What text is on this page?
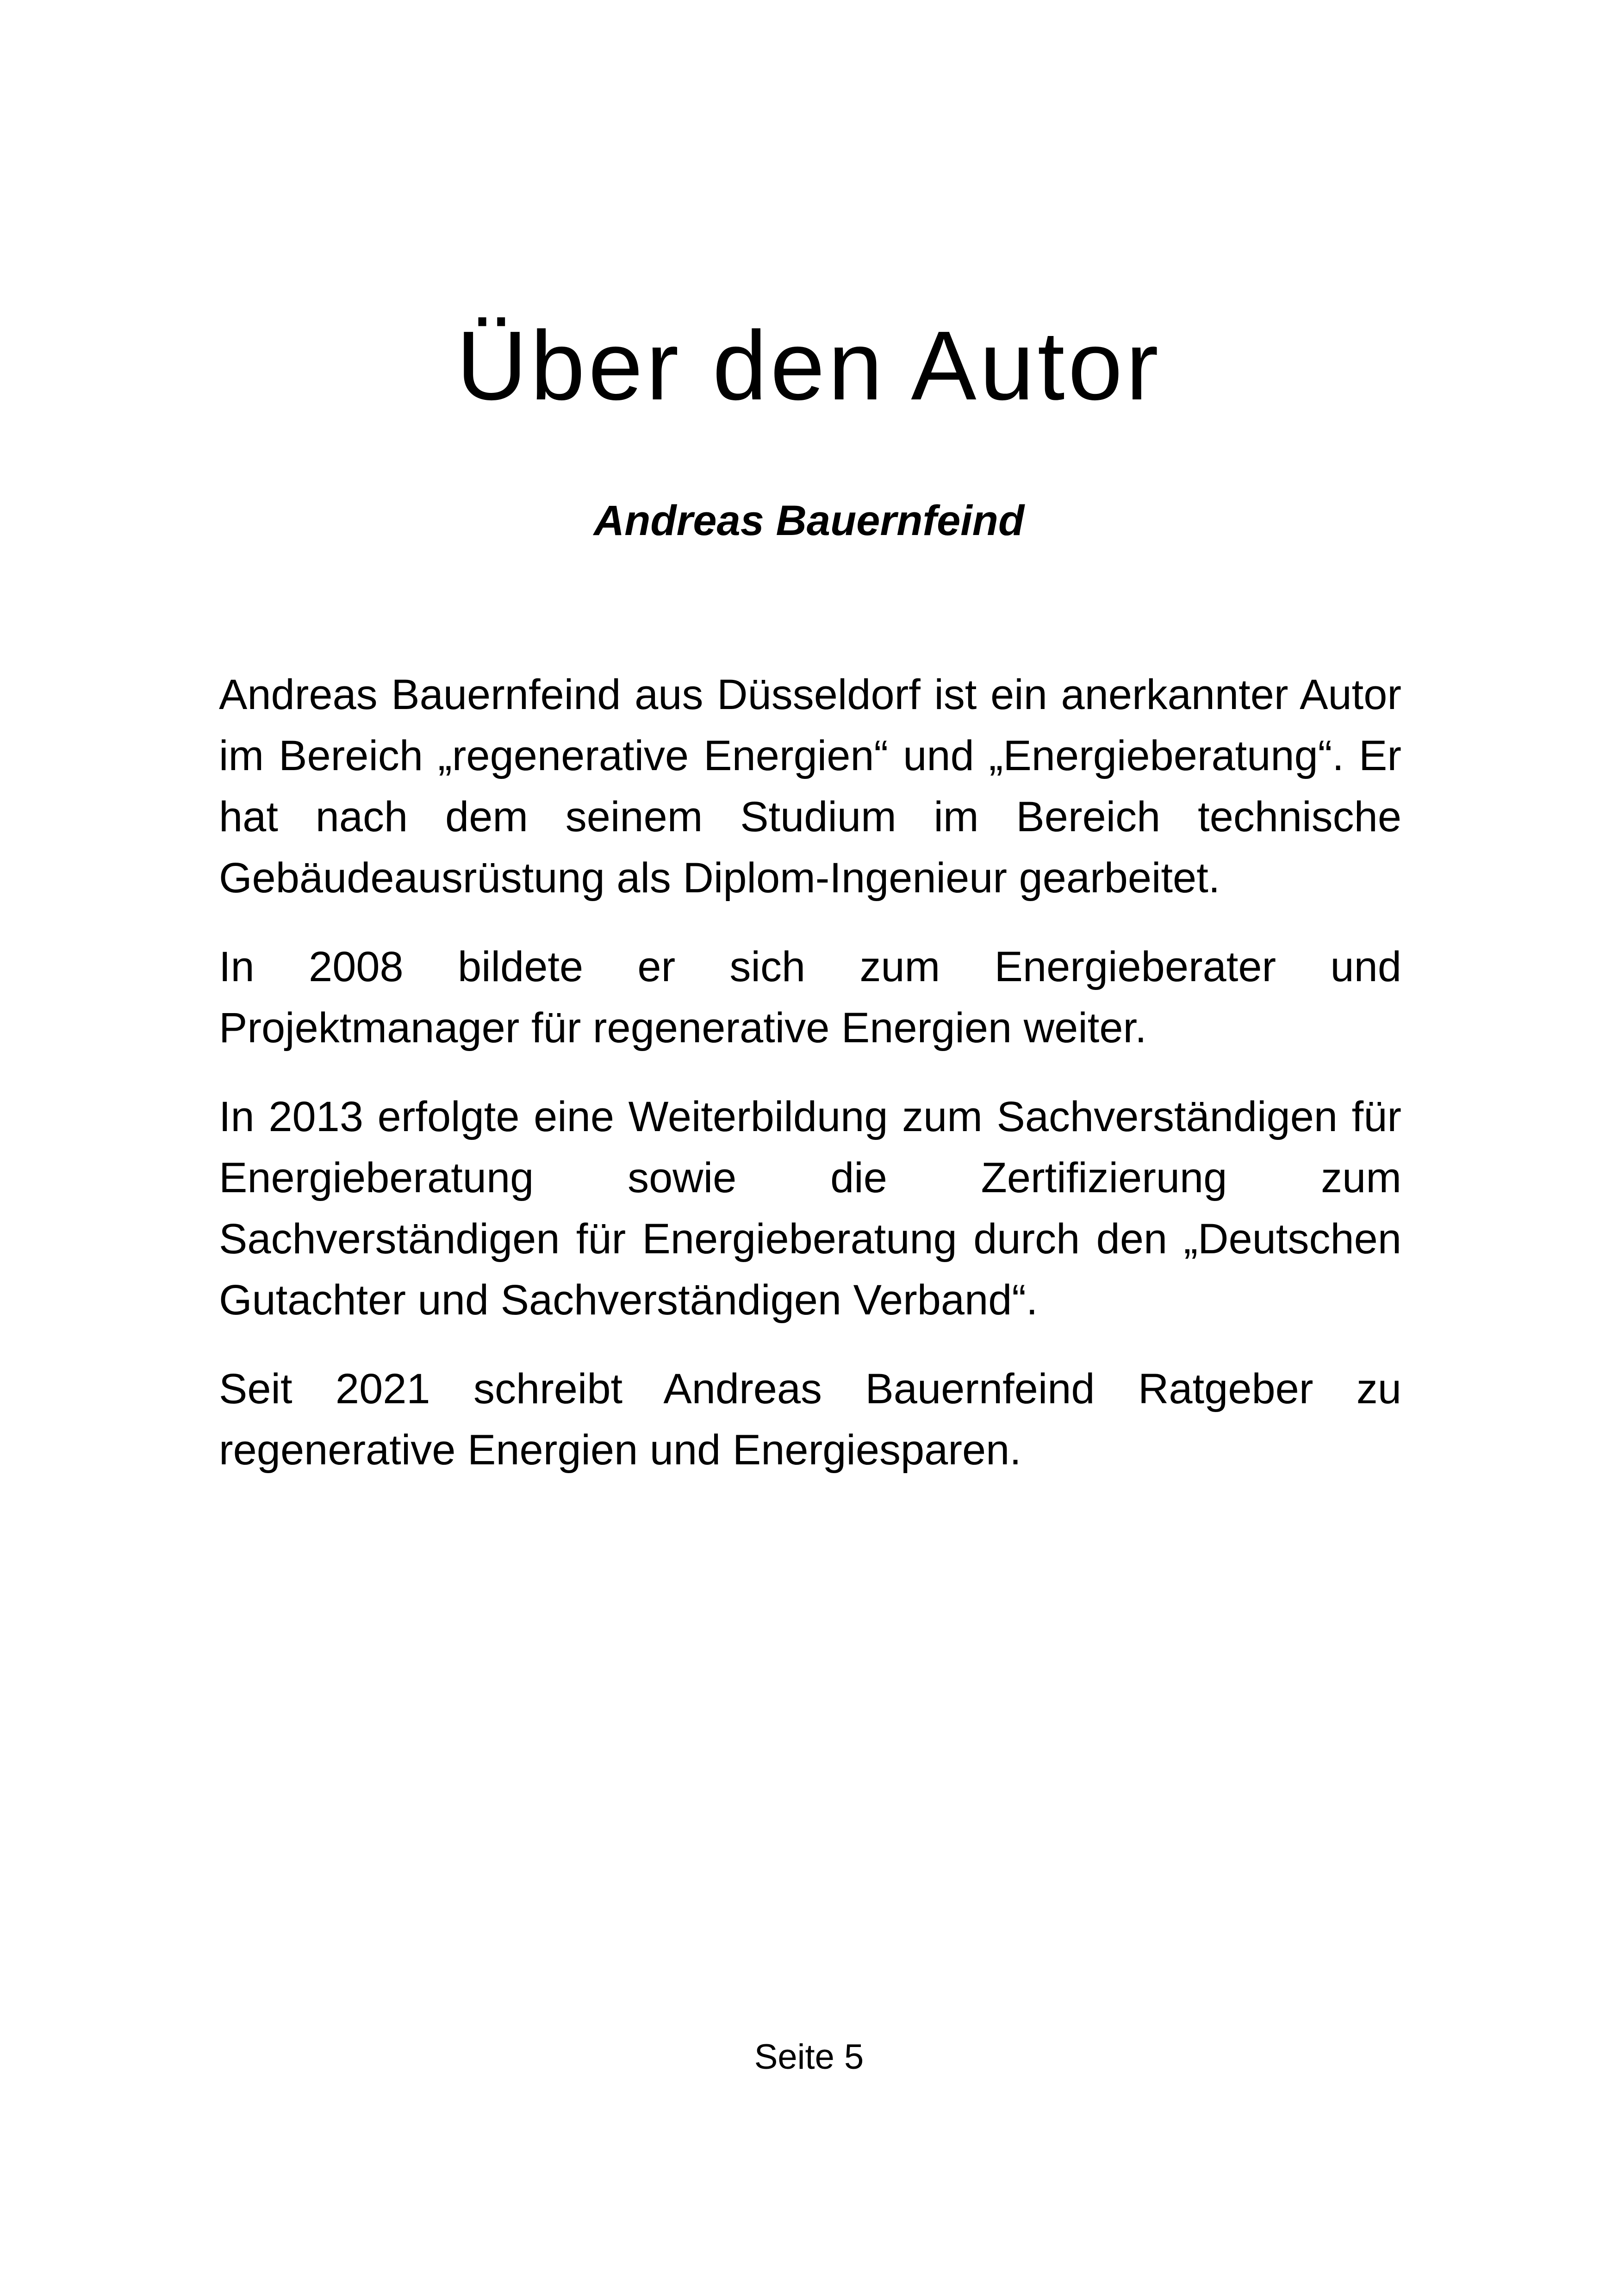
Über den Autor
Andreas Bauernfeind

Andreas Bauernfeind aus Düsseldorf ist ein anerkannter Autor im Bereich „regenerative Energien“ und „Energieberatung“. Er hat nach dem seinem Studium im Bereich technische Gebäudeausrüstung als Diplom-Ingenieur gearbeitet.

In 2008 bildete er sich zum Energieberater und Projektmanager für regenerative Energien weiter.

In 2013 erfolgte eine Weiterbildung zum Sachverständigen für Energieberatung sowie die Zertifizierung zum Sachverständigen für Energieberatung durch den „Deutschen Gutachter und Sachverständigen Verband“.

Seit 2021 schreibt Andreas Bauernfeind Ratgeber zu regenerative Energien und Energiesparen.

Seite 5
